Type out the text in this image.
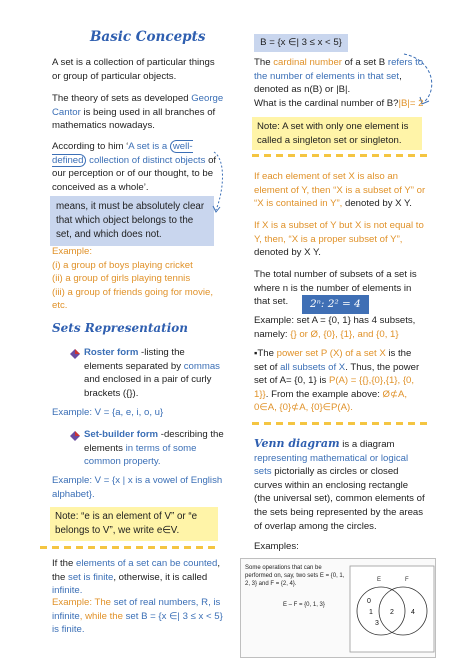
Basic Concepts
A set is a collection of particular things or group of particular objects.
The theory of sets as developed George Cantor is being used in all branches of mathematics nowadays.
According to him ‘A set is a well-defined collection of distinct objects of our perception or of our thought, to be conceived as a whole’.
means, it must be absolutely clear that which object belongs to the set, and which does not.
Example:
(i) a group of boys playing cricket
(ii) a group of girls playing tennis
(iii) a group of friends going for movie, etc.
Sets Representation
Roster form -listing the elements separated by commas and enclosed in a pair of curly brackets ({}).
Example: V = {a, e, i, o, u}
Set-builder form -describing the elements in terms of some common property.
Example: V = {x | x is a vowel of English alphabet}.
Note: “e is an element of V” or “e belongs to V”, we write e∈V.
If the elements of a set can be counted, the set is finite, otherwise, it is called infinite.
Example: The set of real numbers, R, is infinite, while the set B = {x ∈| 3 ≤ x < 5} is finite.
B = {x ∈| 3 ≤ x < 5}
The cardinal number of a set B refers to the number of elements in that set, denoted as n(B) or |B|.
What is the cardinal number of B?|B|= 2
Note: A set with only one element is called a singleton set or singleton.
If each element of set X is also an element of Y, then “X is a subset of Y” or “X is contained in Y”, denoted by X Y.
If X is a subset of Y but X is not equal to Y, then, “X is a proper subset of Y”, denoted by X Y.
The total number of subsets of a set is where n is the number of elements in that set.	2ⁿ: 2² = 4
Example: set A = {0, 1} has 4 subsets, namely: {} or Ø, {0}, {1}, and {0, 1}
▪The power set P (X) of a set X is the set of all subsets of X. Thus, the power set of A= {0, 1} is P(A) = {{},{0},{1}, {0, 1}}. From the example above: Ø⊄A, 0∈A, {0}⊄A, {0}∈P(A).
Venn diagram is a diagram representing mathematical or logical sets pictorially as circles or closed curves within an enclosing rectangle (the universal set), common elements of the sets being represented by the areas of overlap among the circles.
Examples:
Some operations that can be performed on, say, two sets E = {0, 1, 2, 3} and F = {2, 4}.
E – F = {0, 1, 3}
E	F
0
1
3
2 4
